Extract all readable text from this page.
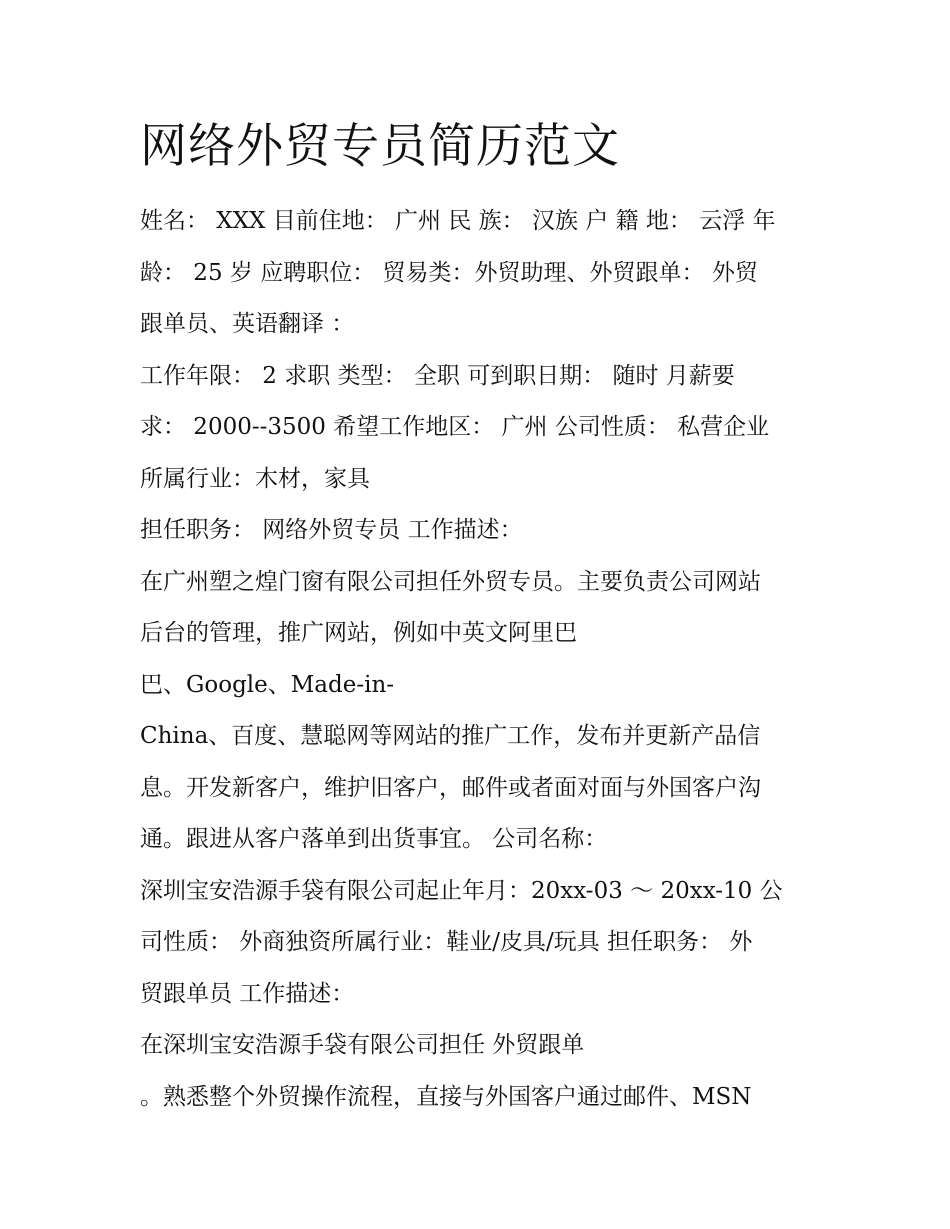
网络外贸专员简历范文
姓名： XXX 目前住地： 广州 民 族： 汉族 户 籍 地： 云浮 年
龄： 25 岁 应聘职位： 贸易类：外贸助理、外贸跟单： 外贸
跟单员、英语翻译 ：
工作年限： 2 求职 类型： 全职 可到职日期： 随时 月薪要
求： 2000--3500 希望工作地区： 广州 公司性质： 私营企业
所属行业：木材，家具
担任职务： 网络外贸专员 工作描述：
在广州塑之煌门窗有限公司担任外贸专员。主要负责公司网站
后台的管理，推广网站，例如中英文阿里巴
巴、Google、Made-in-
China、百度、慧聪网等网站的推广工作，发布并更新产品信
息。开发新客户，维护旧客户，邮件或者面对面与外国客户沟
通。跟进从客户落单到出货事宜。 公司名称：
深圳宝安浩源手袋有限公司起止年月：20xx-03 ～ 20xx-10 公
司性质： 外商独资所属行业：鞋业/皮具/玩具 担任职务： 外
贸跟单员 工作描述：
在深圳宝安浩源手袋有限公司担任 外贸跟单
。熟悉整个外贸操作流程，直接与外国客户通过邮件、MSN
